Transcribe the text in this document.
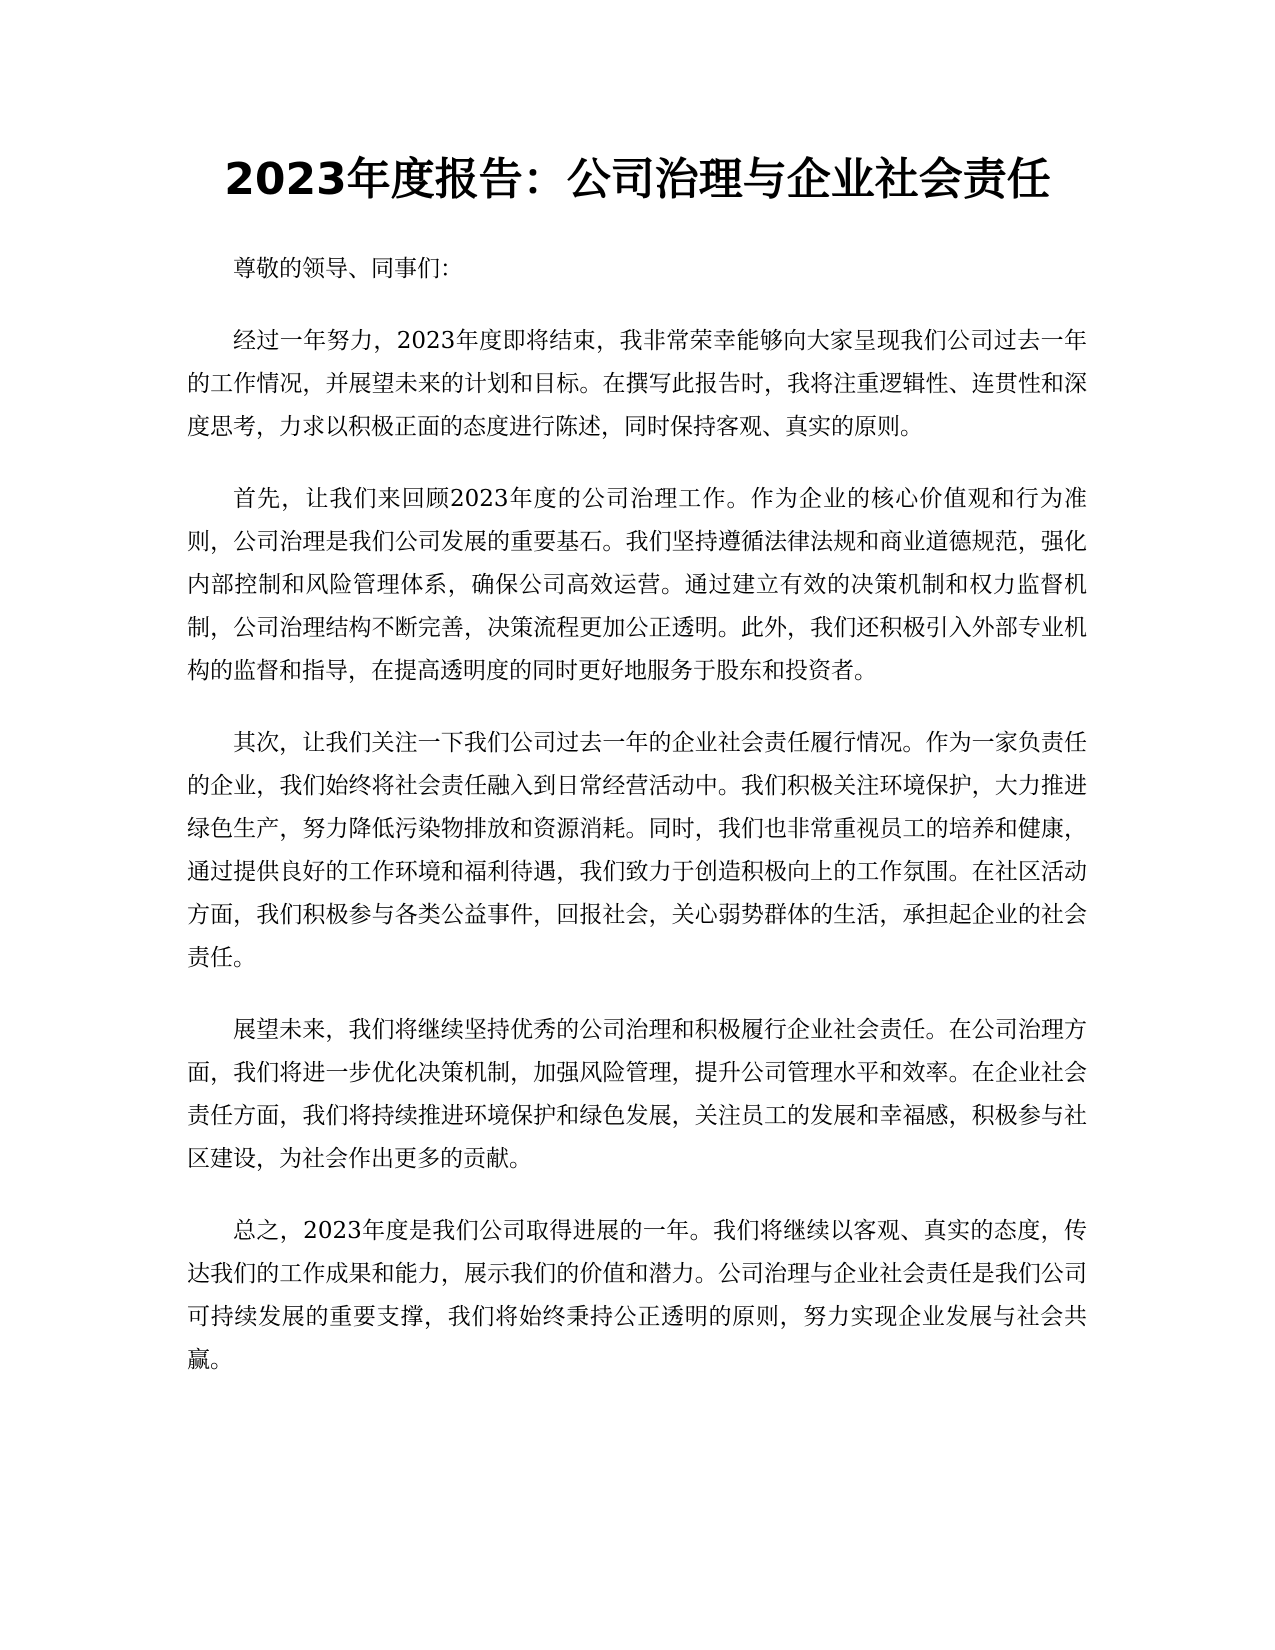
2023年度报告：公司治理与企业社会责任

尊敬的领导、同事们：

经过一年努力，2023年度即将结束，我非常荣幸能够向大家呈现我们公司过去一年的工作情况，并展望未来的计划和目标。在撰写此报告时，我将注重逻辑性、连贯性和深度思考，力求以积极正面的态度进行陈述，同时保持客观、真实的原则。

首先，让我们来回顾2023年度的公司治理工作。作为企业的核心价值观和行为准则，公司治理是我们公司发展的重要基石。我们坚持遵循法律法规和商业道德规范，强化内部控制和风险管理体系，确保公司高效运营。通过建立有效的决策机制和权力监督机制，公司治理结构不断完善，决策流程更加公正透明。此外，我们还积极引入外部专业机构的监督和指导，在提高透明度的同时更好地服务于股东和投资者。

其次，让我们关注一下我们公司过去一年的企业社会责任履行情况。作为一家负责任的企业，我们始终将社会责任融入到日常经营活动中。我们积极关注环境保护，大力推进绿色生产，努力降低污染物排放和资源消耗。同时，我们也非常重视员工的培养和健康，通过提供良好的工作环境和福利待遇，我们致力于创造积极向上的工作氛围。在社区活动方面，我们积极参与各类公益事件，回报社会，关心弱势群体的生活，承担起企业的社会责任。

展望未来，我们将继续坚持优秀的公司治理和积极履行企业社会责任。在公司治理方面，我们将进一步优化决策机制，加强风险管理，提升公司管理水平和效率。在企业社会责任方面，我们将持续推进环境保护和绿色发展，关注员工的发展和幸福感，积极参与社区建设，为社会作出更多的贡献。

总之，2023年度是我们公司取得进展的一年。我们将继续以客观、真实的态度，传达我们的工作成果和能力，展示我们的价值和潜力。公司治理与企业社会责任是我们公司可持续发展的重要支撑，我们将始终秉持公正透明的原则，努力实现企业发展与社会共赢。
